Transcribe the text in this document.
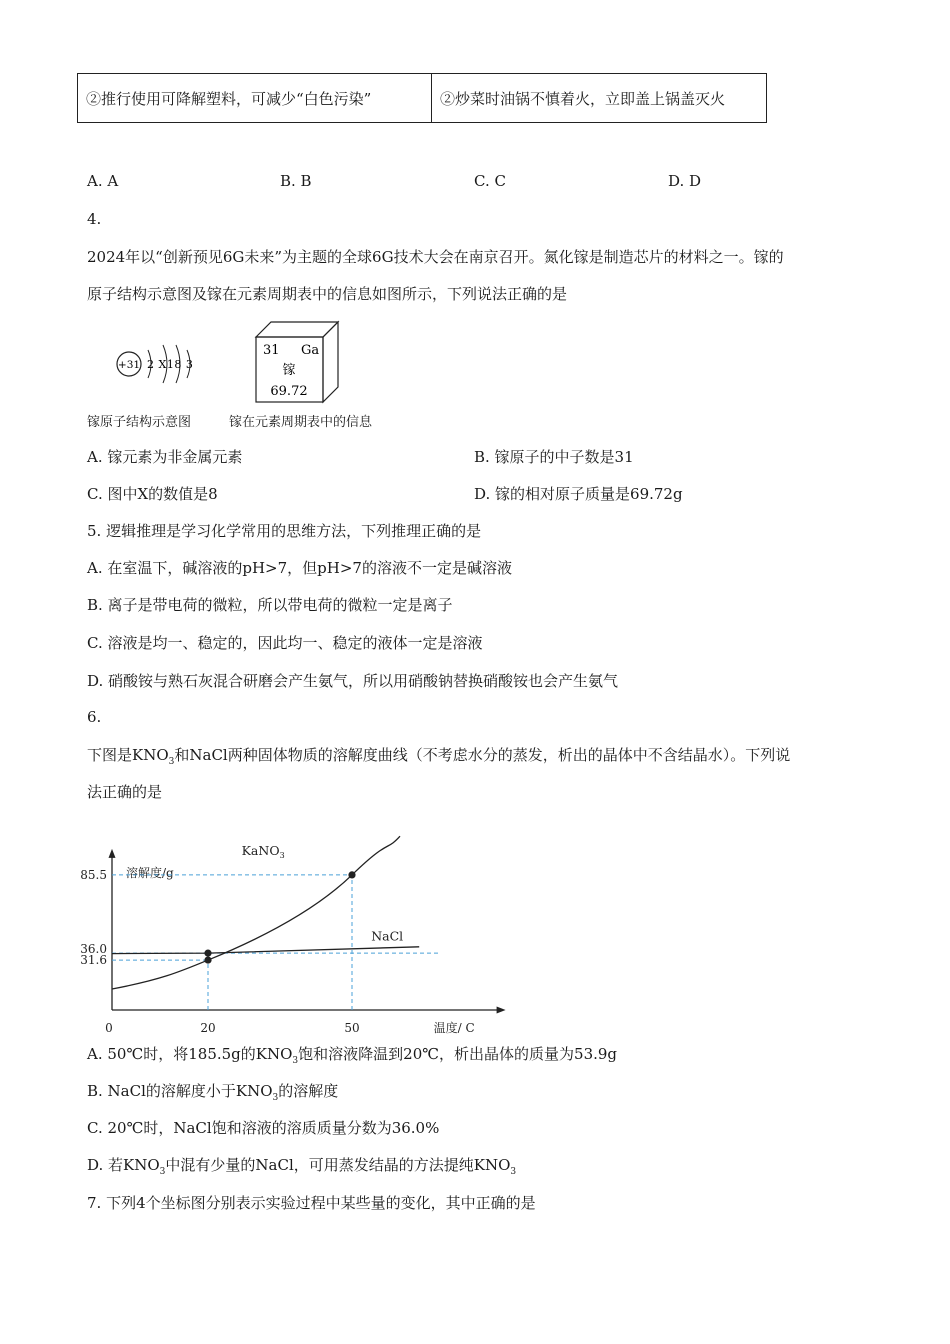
②推行使用可降解塑料，可减少“白色污染”	②炒菜时油锅不慎着火，立即盖上锅盖灭火
A. A	B. B	C. C	D. D
4.
2024年以“创新预见6G未来”为主题的全球6G技术大会在南京召开。氮化镓是制造芯片的材料之一。镓的
原子结构示意图及镓在元素周期表中的信息如图所示，下列说法正确的是
+31 2 X18 3
镓原子结构示意图
31 Ga
镓
69.72
镓在元素周期表中的信息
A. 镓元素为非金属元素	B. 镓原子的中子数是31
C. 图中X的数值是8	D. 镓的相对原子质量是69.72g
5. 逻辑推理是学习化学常用的思维方法，下列推理正确的是
A. 在室温下，碱溶液的pH>7，但pH>7的溶液不一定是碱溶液
B. 离子是带电荷的微粒，所以带电荷的微粒一定是离子
C. 溶液是均一、稳定的，因此均一、稳定的液体一定是溶液
D. 硝酸铵与熟石灰混合研磨会产生氨气，所以用硝酸钠替换硝酸铵也会产生氨气
6.
下图是$KNO_3$和NaCl两种固体物质的溶解度曲线（不考虑水分的蒸发，析出的晶体中不含结晶水）。下列说
法正确的是
溶解度/g
温度/ C
0	20	50
85.5
36.0
31.6
KaNO$_3$
NaCl
A. 50℃时，将185.5g的$KNO_3$饱和溶液降温到20℃，析出晶体的质量为53.9g
B. NaCl的溶解度小于$KNO_3$的溶解度
C. 20℃时，NaCl饱和溶液的溶质质量分数为36.0%
D. 若$KNO_3$中混有少量的NaCl，可用蒸发结晶的方法提纯$KNO_3$
7. 下列4个坐标图分别表示实验过程中某些量的变化，其中正确的是
